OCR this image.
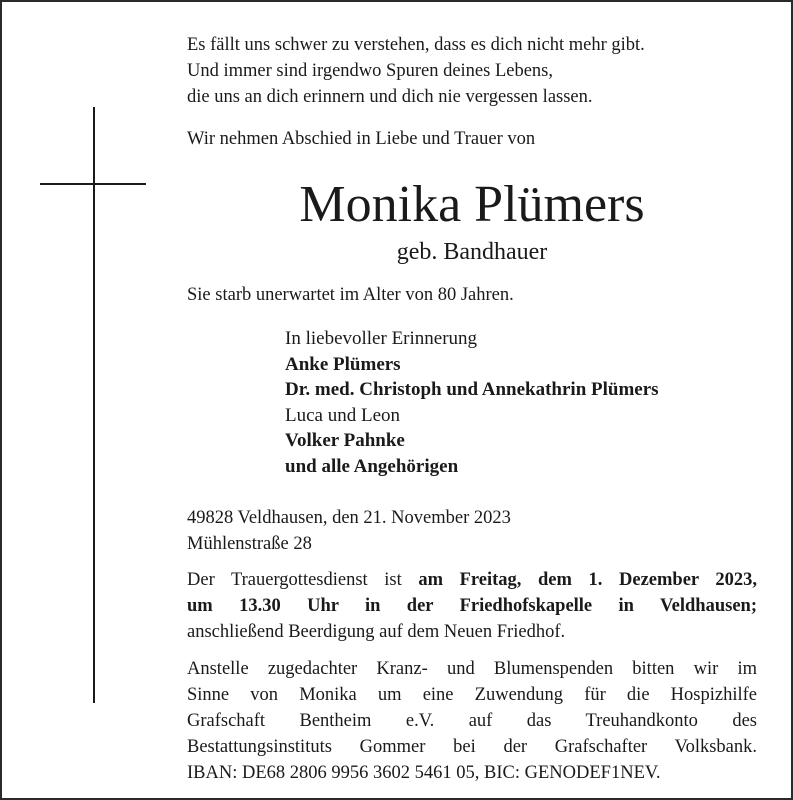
Es fällt uns schwer zu verstehen, dass es dich nicht mehr gibt.
Und immer sind irgendwo Spuren deines Lebens,
die uns an dich erinnern und dich nie vergessen lassen.
Wir nehmen Abschied in Liebe und Trauer von
Monika Plümers
geb. Bandhauer
Sie starb unerwartet im Alter von 80 Jahren.
In liebevoller Erinnerung
Anke Plümers
Dr. med. Christoph und Annekathrin Plümers
Luca und Leon
Volker Pahnke
und alle Angehörigen
49828 Veldhausen, den 21. November 2023
Mühlenstraße 28
Der Trauergottesdienst ist am Freitag, dem 1. Dezember 2023,
um 13.30 Uhr in der Friedhofskapelle in Veldhausen;
anschließend Beerdigung auf dem Neuen Friedhof.
Anstelle zugedachter Kranz- und Blumenspenden bitten wir im
Sinne von Monika um eine Zuwendung für die Hospizhilfe
Grafschaft Bentheim e.V. auf das Treuhandkonto des
Bestattungsinstituts Gommer bei der Grafschafter Volksbank.
IBAN: DE68 2806 9956 3602 5461 05, BIC: GENODEF1NEV.
